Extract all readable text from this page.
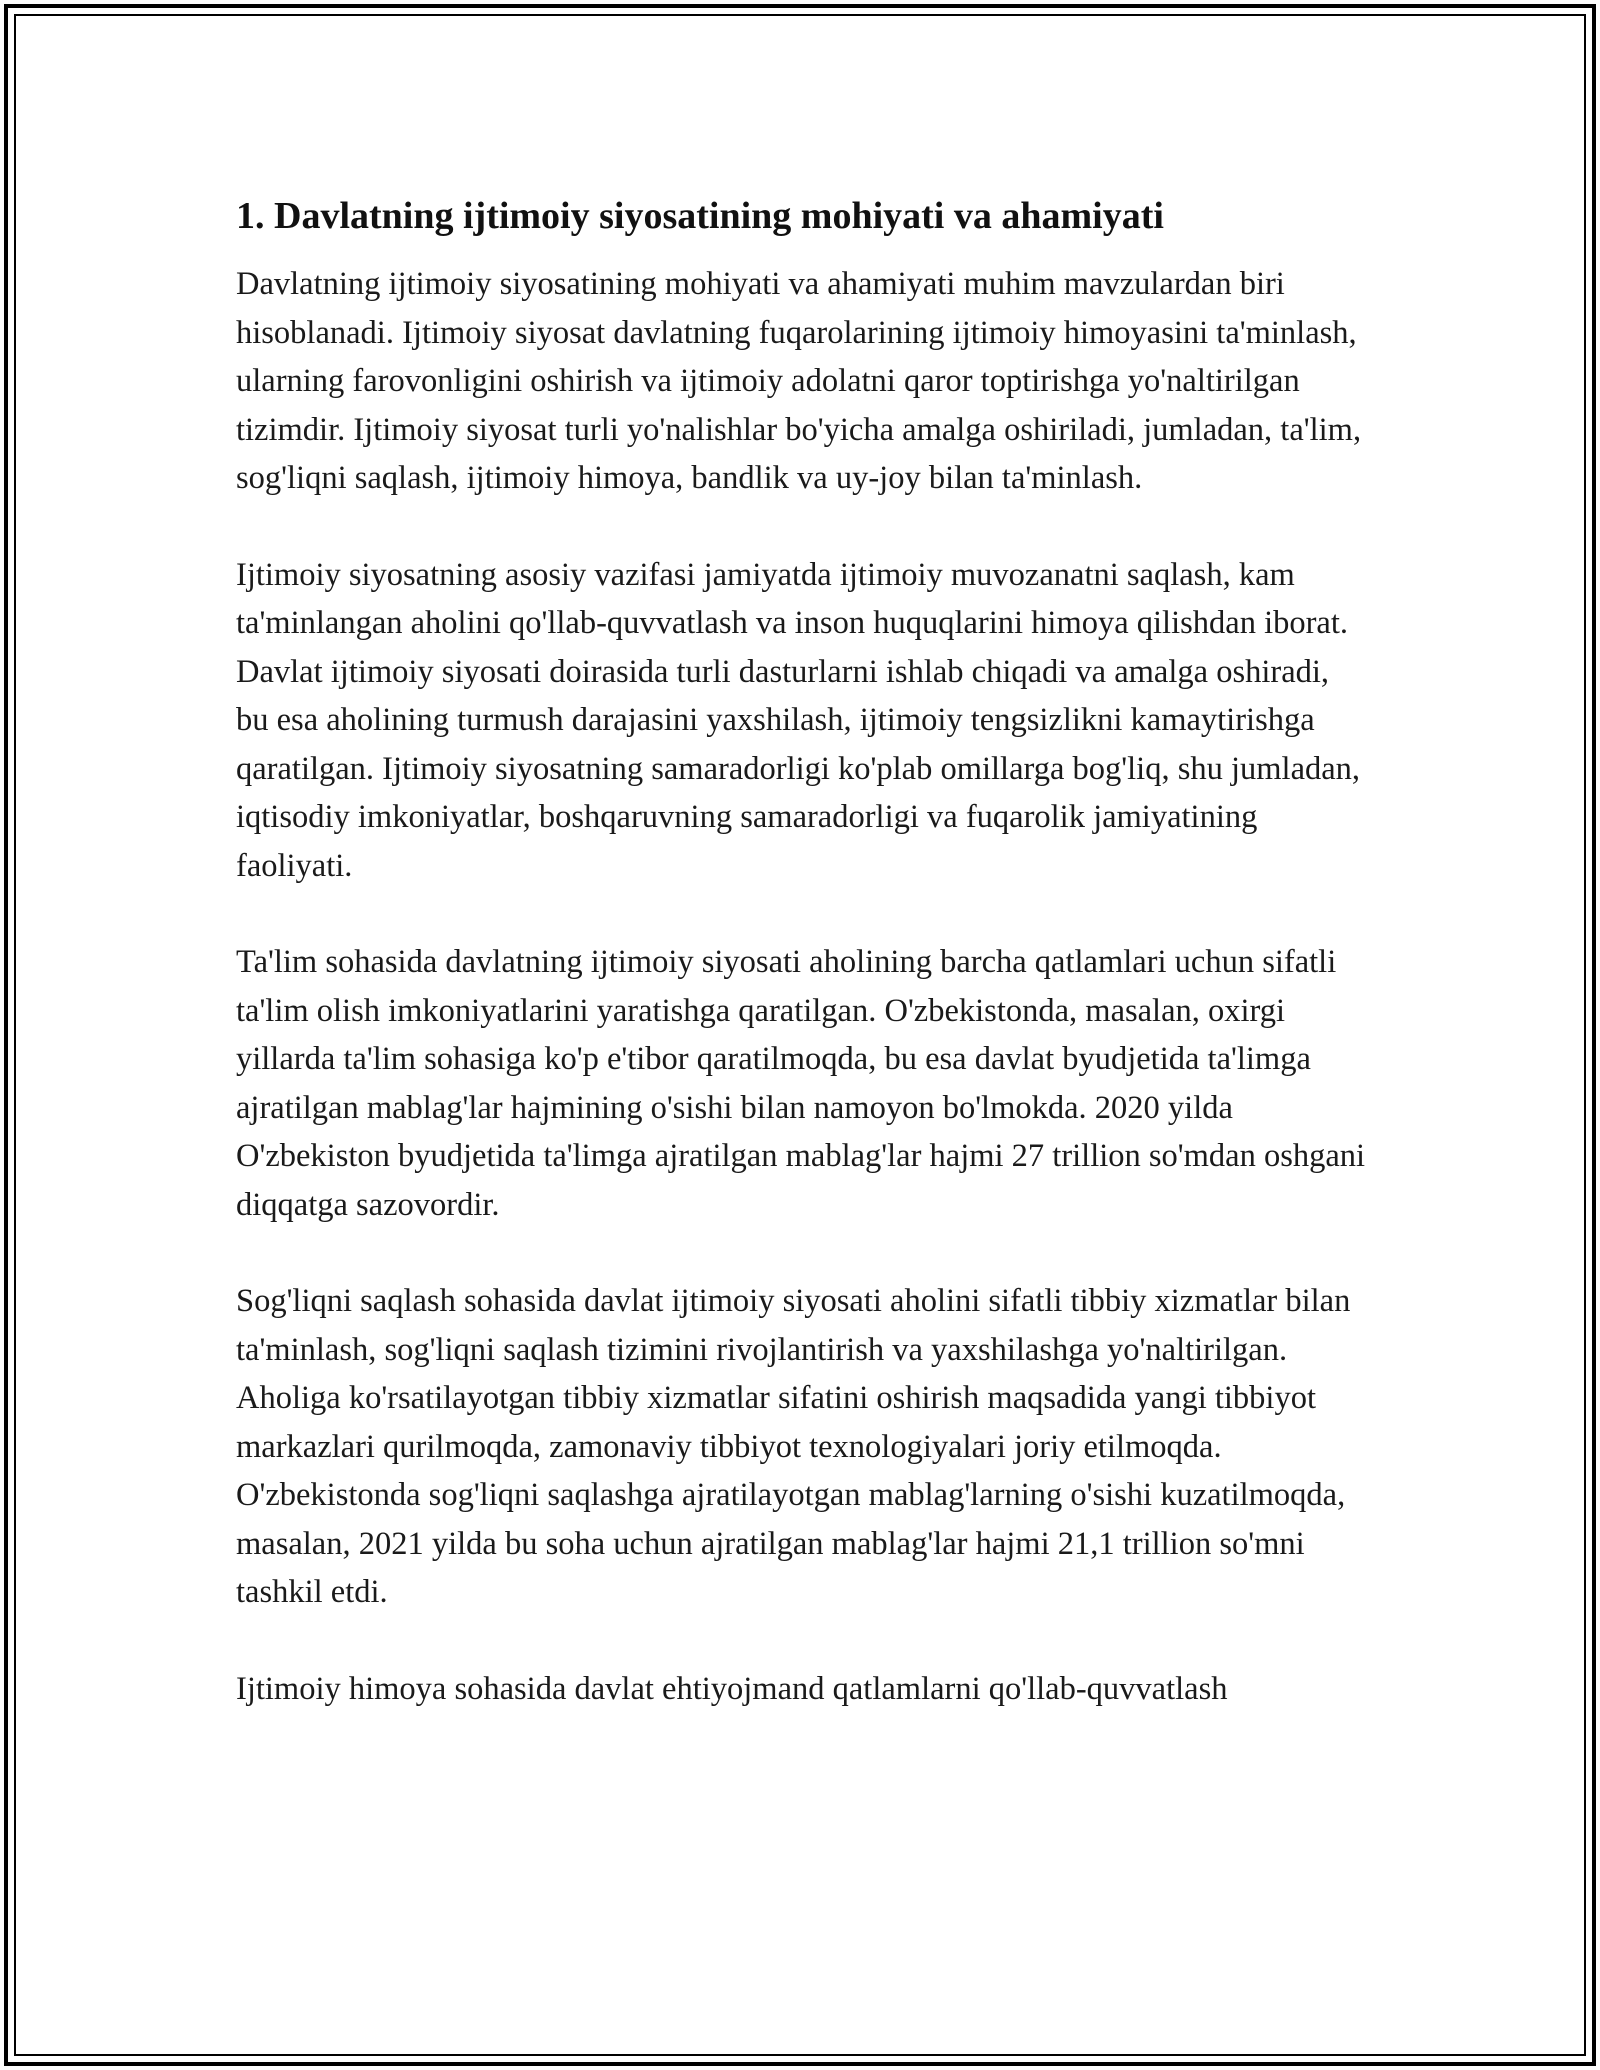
1. Davlatning ijtimoiy siyosatining mohiyati va ahamiyati

Davlatning ijtimoiy siyosatining mohiyati va ahamiyati muhim mavzulardan biri hisoblanadi. Ijtimoiy siyosat davlatning fuqarolarining ijtimoiy himoyasini ta'minlash, ularning farovonligini oshirish va ijtimoiy adolatni qaror toptirishga yo'naltirilgan tizimdir. Ijtimoiy siyosat turli yo'nalishlar bo'yicha amalga oshiriladi, jumladan, ta'lim, sog'liqni saqlash, ijtimoiy himoya, bandlik va uy-joy bilan ta'minlash.

Ijtimoiy siyosatning asosiy vazifasi jamiyatda ijtimoiy muvozanatni saqlash, kam ta'minlangan aholini qo'llab-quvvatlash va inson huquqlarini himoya qilishdan iborat. Davlat ijtimoiy siyosati doirasida turli dasturlarni ishlab chiqadi va amalga oshiradi, bu esa aholining turmush darajasini yaxshilash, ijtimoiy tengsizlikni kamaytirishga qaratilgan. Ijtimoiy siyosatning samaradorligi ko'plab omillarga bog'liq, shu jumladan, iqtisodiy imkoniyatlar, boshqaruvning samaradorligi va fuqarolik jamiyatining faoliyati.

Ta'lim sohasida davlatning ijtimoiy siyosati aholining barcha qatlamlari uchun sifatli ta'lim olish imkoniyatlarini yaratishga qaratilgan. O'zbekistonda, masalan, oxirgi yillarda ta'lim sohasiga ko'p e'tibor qaratilmoqda, bu esa davlat byudjetida ta'limga ajratilgan mablag'lar hajmining o'sishi bilan namoyon bo'lmokda. 2020 yilda O'zbekiston byudjetida ta'limga ajratilgan mablag'lar hajmi 27 trillion so'mdan oshgani diqqatga sazovordir.

Sog'liqni saqlash sohasida davlat ijtimoiy siyosati aholini sifatli tibbiy xizmatlar bilan ta'minlash, sog'liqni saqlash tizimini rivojlantirish va yaxshilashga yo'naltirilgan. Aholiga ko'rsatilayotgan tibbiy xizmatlar sifatini oshirish maqsadida yangi tibbiyot markazlari qurilmoqda, zamonaviy tibbiyot texnologiyalari joriy etilmoqda. O'zbekistonda sog'liqni saqlashga ajratilayotgan mablag'larning o'sishi kuzatilmoqda, masalan, 2021 yilda bu soha uchun ajratilgan mablag'lar hajmi 21,1 trillion so'mni tashkil etdi.

Ijtimoiy himoya sohasida davlat ehtiyojmand qatlamlarni qo'llab-quvvatlash
